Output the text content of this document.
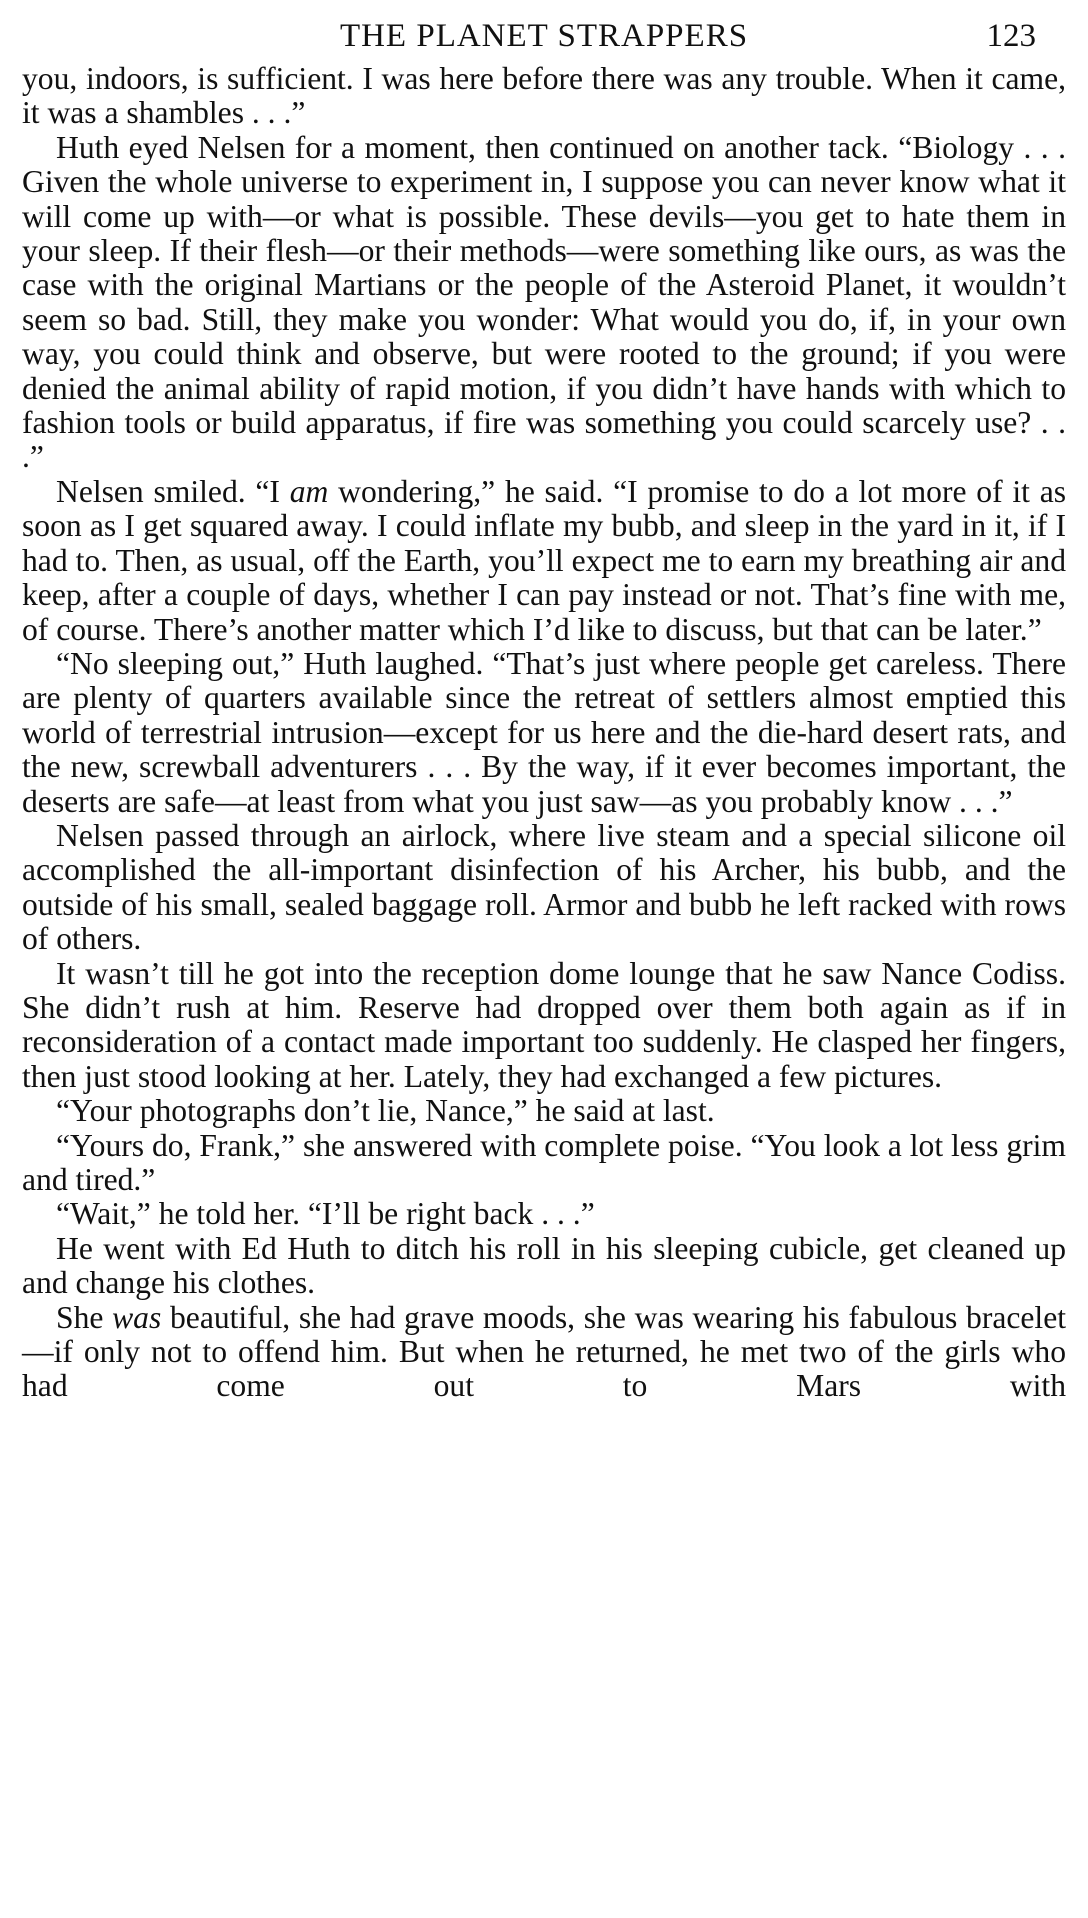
THE PLANET STRAPPERS	123

you, indoors, is sufficient. I was here before there was any trouble. When it came, it was a shambles . . .”

Huth eyed Nelsen for a moment, then continued on another tack. “Biology . . . Given the whole universe to experiment in, I suppose you can never know what it will come up with—or what is possible. These devils—you get to hate them in your sleep. If their flesh—or their methods—were something like ours, as was the case with the original Martians or the people of the Asteroid Planet, it wouldn’t seem so bad. Still, they make you wonder: What would you do, if, in your own way, you could think and observe, but were rooted to the ground; if you were denied the animal ability of rapid motion, if you didn’t have hands with which to fashion tools or build apparatus, if fire was something you could scarcely use? . . .”

Nelsen smiled. “I am wondering,” he said. “I promise to do a lot more of it as soon as I get squared away. I could inflate my bubb, and sleep in the yard in it, if I had to. Then, as usual, off the Earth, you’ll expect me to earn my breathing air and keep, after a couple of days, whether I can pay instead or not. That’s fine with me, of course. There’s another matter which I’d like to discuss, but that can be later.”

“No sleeping out,” Huth laughed. “That’s just where people get careless. There are plenty of quarters available since the retreat of settlers almost emptied this world of terrestrial intrusion—except for us here and the die-hard desert rats, and the new, screwball adventurers . . . By the way, if it ever becomes important, the deserts are safe—at least from what you just saw—as you probably know . . .”

Nelsen passed through an airlock, where live steam and a special silicone oil accomplished the all-important disinfection of his Archer, his bubb, and the outside of his small, sealed baggage roll. Armor and bubb he left racked with rows of others.

It wasn’t till he got into the reception dome lounge that he saw Nance Codiss. She didn’t rush at him. Reserve had dropped over them both again as if in reconsideration of a contact made important too suddenly. He clasped her fingers, then just stood looking at her. Lately, they had exchanged a few pictures.

“Your photographs don’t lie, Nance,” he said at last.

“Yours do, Frank,” she answered with complete poise. “You look a lot less grim and tired.”

“Wait,” he told her. “I’ll be right back . . .”

He went with Ed Huth to ditch his roll in his sleeping cubicle, get cleaned up and change his clothes.

She was beautiful, she had grave moods, she was wearing his fabulous bracelet—if only not to offend him. But when he returned, he met two of the girls who had come out to Mars with
